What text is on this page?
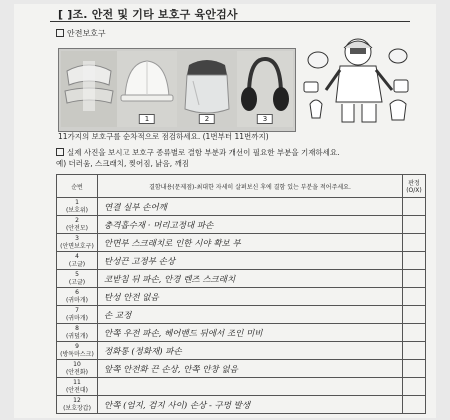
[ ]조. 안전 및 기타 보호구 육안검사
안전보호구
1	2	3
11가지의 보호구를 순차적으로 점검하세요. (1번부터 11번까지)
실제 사진을 보시고 보호구 종류별로 결함 부분과 개선이 필요한 부분을 기재하세요.
예) 더러움, 스크래치, 찢어짐, 낡음, 깨짐
순번	결함내용(문제점)-최대한 자세히 살펴보신 후에 결함 있는 부분을 적어주세요.	판정 (O/X)

1
(보호위)	연결 실부 손어깨	

2
(안전모)	충격흡수재 · 머리고정대 파손	

3
(안면보호구)	안면부 스크래치로 인한 시야 확보 부	

4
(고글)	탄성끈 고정부 손상	

5
(고글)	코받침 뒤 파손, 안경 렌즈 스크래치	

6
(귀마개)	탄성 안전 없음	

7
(귀마개)	손 교정	

8
(귀덮개)	안쪽 우전 파손, 헤어밴드 뒤에서 조인 미비	

9
(방독마스크)	정화통 (정화재) 파손	

10
(안전화)	앞쪽 안전화 끈 손상, 안쪽 안창 없음	

11
(안전대)		

12
(보호장갑)	안쪽 (엄지, 검지 사이) 손상 - 구멍 발생	
